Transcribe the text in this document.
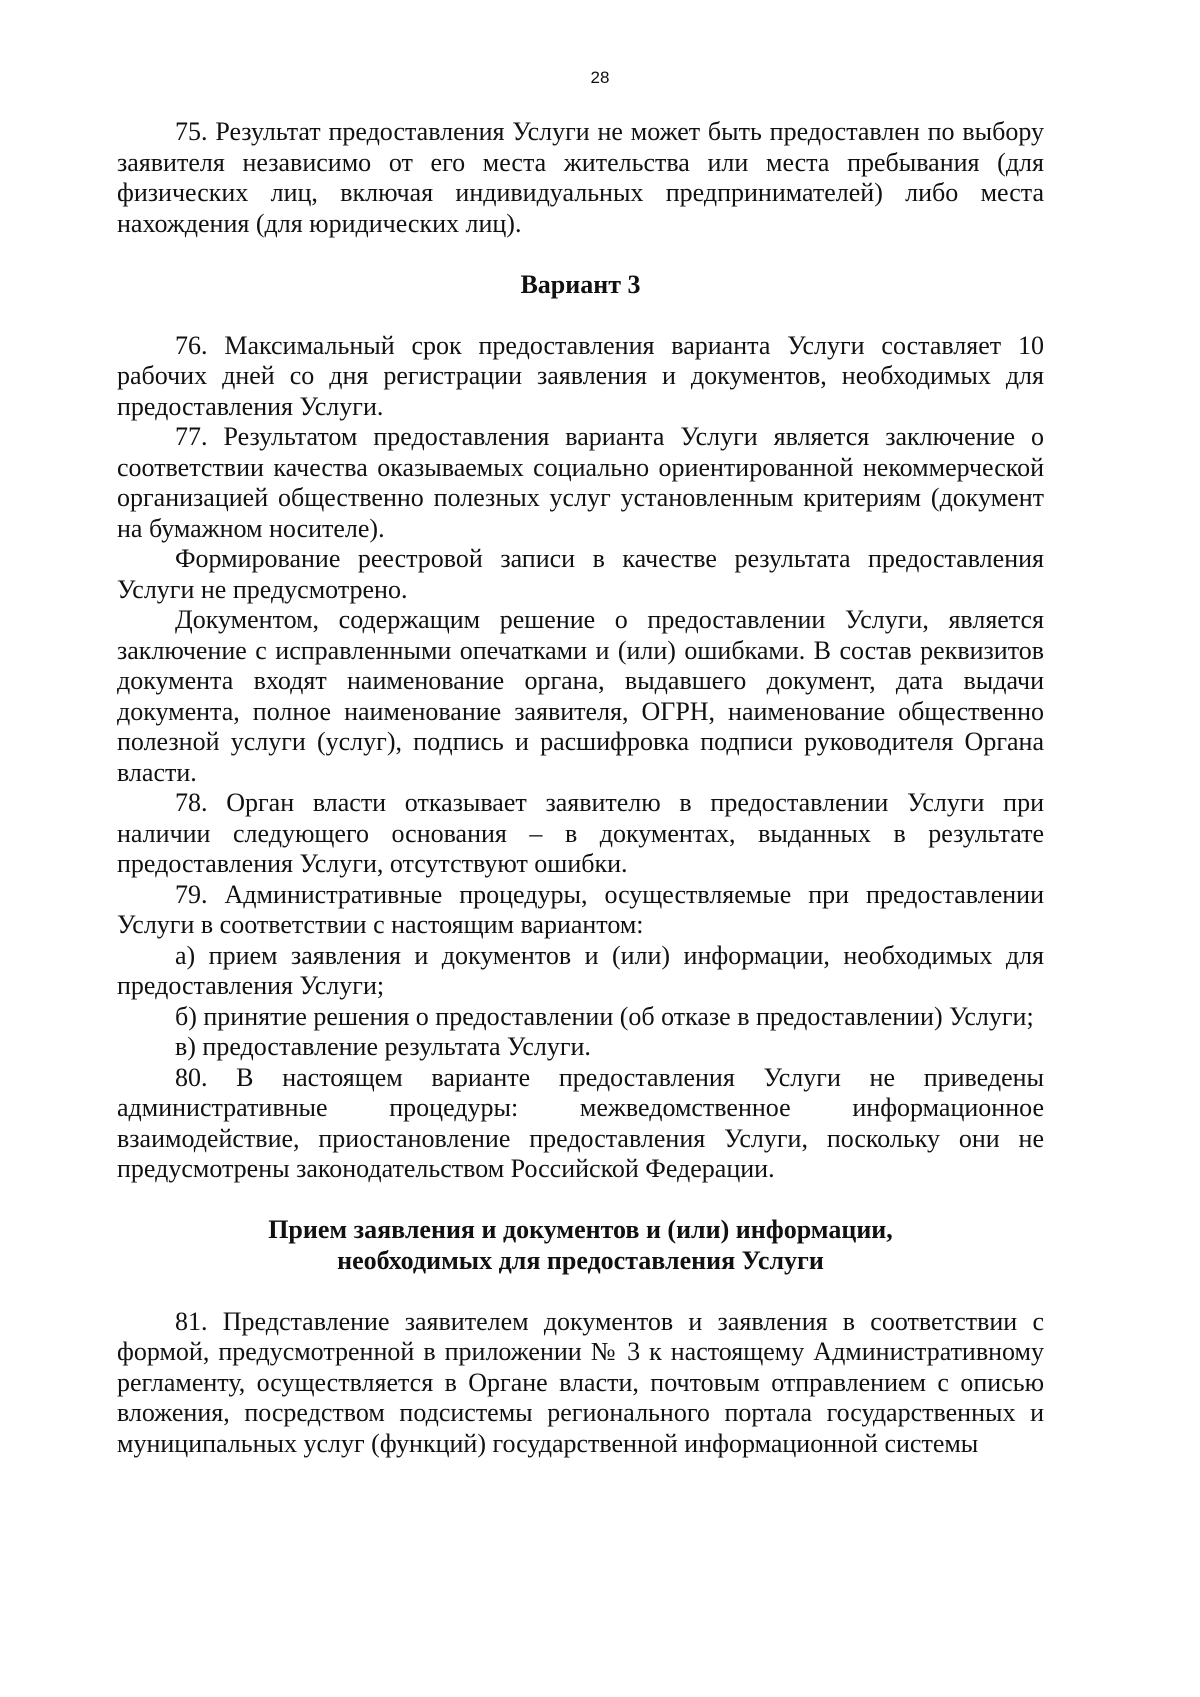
28

75. Результат предоставления Услуги не может быть предоставлен по выбору заявителя независимо от его места жительства или места пребывания (для физических лиц, включая индивидуальных предпринимателей) либо места нахождения (для юридических лиц).

Вариант 3

76. Максимальный срок предоставления варианта Услуги составляет 10 рабочих дней со дня регистрации заявления и документов, необходимых для предоставления Услуги.

77. Результатом предоставления варианта Услуги является заключение о соответствии качества оказываемых социально ориентированной некоммерческой организацией общественно полезных услуг установленным критериям (документ на бумажном носителе).

Формирование реестровой записи в качестве результата предоставления Услуги не предусмотрено.

Документом, содержащим решение о предоставлении Услуги, является заключение с исправленными опечатками и (или) ошибками. В состав реквизитов документа входят наименование органа, выдавшего документ, дата выдачи документа, полное наименование заявителя, ОГРН, наименование общественно полезной услуги (услуг), подпись и расшифровка подписи руководителя Органа власти.

78. Орган власти отказывает заявителю в предоставлении Услуги при наличии следующего основания – в документах, выданных в результате предоставления Услуги, отсутствуют ошибки.

79. Административные процедуры, осуществляемые при предоставлении Услуги в соответствии с настоящим вариантом:

а) прием заявления и документов и (или) информации, необходимых для предоставления Услуги;

б) принятие решения о предоставлении (об отказе в предоставлении) Услуги;

в) предоставление результата Услуги.

80. В настоящем варианте предоставления Услуги не приведены административные процедуры: межведомственное информационное взаимодействие, приостановление предоставления Услуги, поскольку они не предусмотрены законодательством Российской Федерации.

Прием заявления и документов и (или) информации,
необходимых для предоставления Услуги

81. Представление заявителем документов и заявления в соответствии с формой, предусмотренной в приложении № 3 к настоящему Административному регламенту, осуществляется в Органе власти, почтовым отправлением с описью вложения, посредством подсистемы регионального портала государственных и муниципальных услуг (функций) государственной информационной системы
